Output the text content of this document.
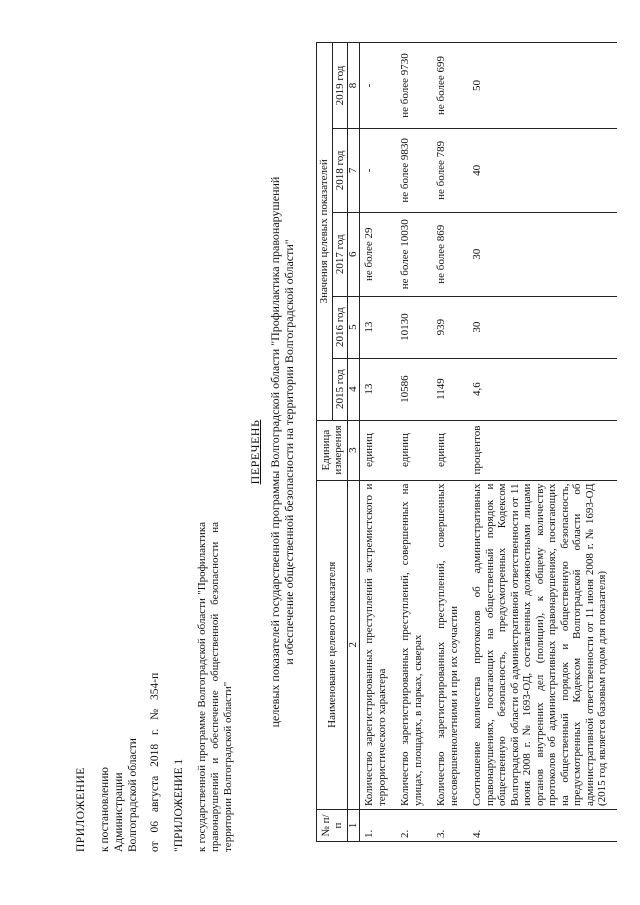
ПРИЛОЖЕНИЕ к постановлению Администрации Волгоградской области от 06 августа 2018 г. № 354-п "ПРИЛОЖЕНИЕ 1 к государственной программе Волгоградской области "Профилактика правонарушений и обеспечение общественной безопасности на территории Волгоградской области"

ПЕРЕЧЕНЬ целевых показателей государственной программы Волгоградской области "Профилактика правонарушений и обеспечение общественной безопасности на территории Волгоградской области"
№ п/п	Наименование целевого показателя	Единица измерения	Значения целевых показателей				
			2015 год	2016 год	2017 год	2018 год	2019 год
1	2	3	4	5	6	7	8
1.	Количество зарегистрированных преступлений экстремистского и террористического характера	единиц	13	13	не более 29	-	-
2.	Количество зарегистрированных преступлений, совершенных на улицах, площадях, в парках, скверах	единиц	10586	10130	не более 10030	не более 9830	не более 9730
3.	Количество зарегистрированных преступлений, совершенных несовершеннолетними и при их соучастии	единиц	1149	939	не более 869	не более 789	не более 699
4.	Соотношение количества протоколов об административных правонарушениях, посягающих на общественный порядок и общественную безопасность, предусмотренных Кодексом Волгоградской области об административной ответственности от 11 июня 2008 г. № 1693-ОД, составленных должностными лицами органов внутренних дел (полиции), к общему количеству протоколов об административных правонарушениях, посягающих на общественный порядок и общественную безопасность, предусмотренных Кодексом Волгоградской области об административной ответственности от 11 июня 2008 г. № 1693-ОД (2015 год является базовым годом для показателя)	процентов	4,6	30	30	40	50
